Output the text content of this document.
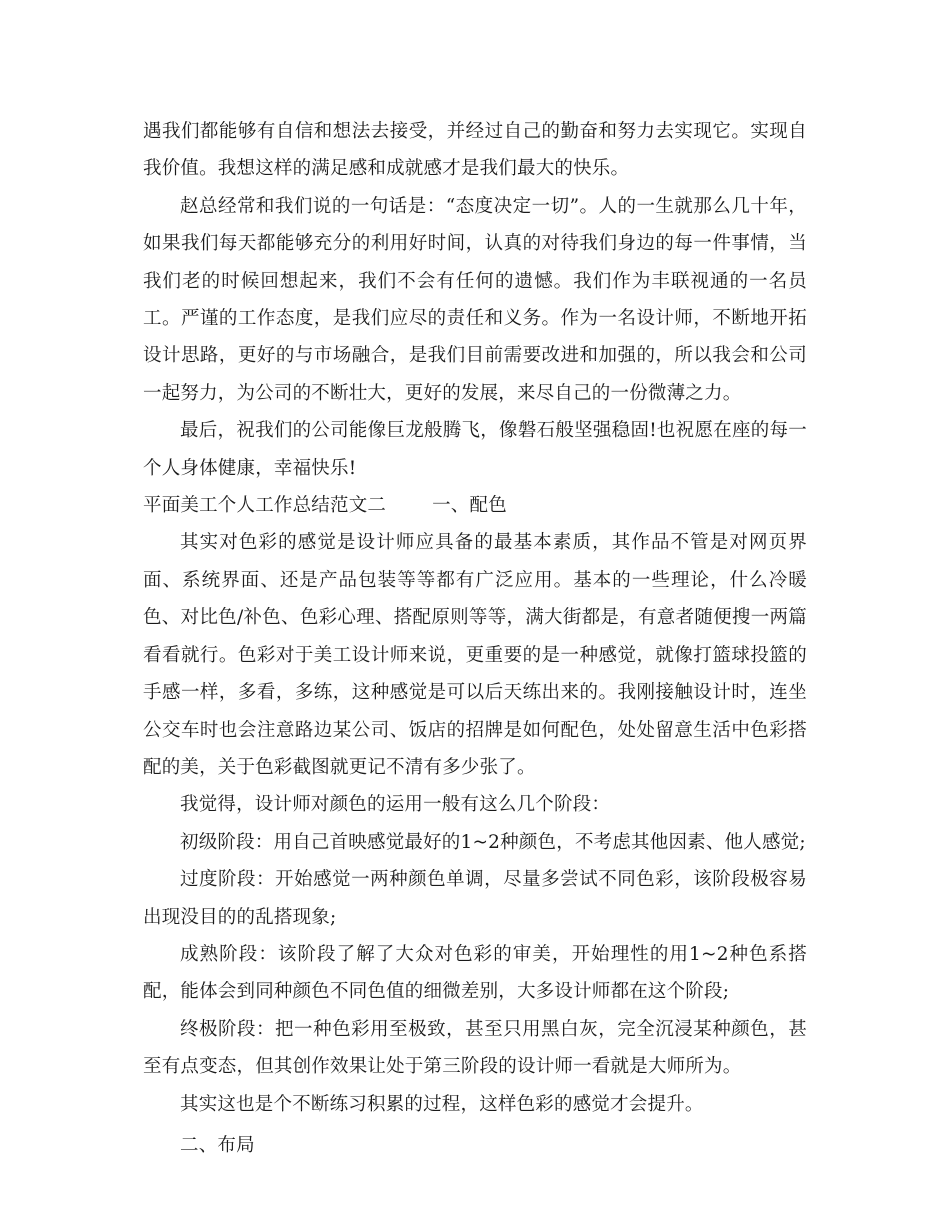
遇我们都能够有自信和想法去接受，并经过自己的勤奋和努力去实现它。实现自我价值。我想这样的满足感和成就感才是我们最大的快乐。

赵总经常和我们说的一句话是：“态度决定一切”。人的一生就那么几十年，如果我们每天都能够充分的利用好时间，认真的对待我们身边的每一件事情，当我们老的时候回想起来，我们不会有任何的遗憾。我们作为丰联视通的一名员工。严谨的工作态度，是我们应尽的责任和义务。作为一名设计师，不断地开拓设计思路，更好的与市场融合，是我们目前需要改进和加强的，所以我会和公司一起努力，为公司的不断壮大，更好的发展，来尽自己的一份微薄之力。

最后，祝我们的公司能像巨龙般腾飞，像磐石般坚强稳固!也祝愿在座的每一个人身体健康，幸福快乐!

平面美工个人工作总结范文二 一、配色

其实对色彩的感觉是设计师应具备的最基本素质，其作品不管是对网页界面、系统界面、还是产品包装等等都有广泛应用。基本的一些理论，什么冷暖色、对比色/补色、色彩心理、搭配原则等等，满大街都是，有意者随便搜一两篇看看就行。色彩对于美工设计师来说，更重要的是一种感觉，就像打篮球投篮的手感一样，多看，多练，这种感觉是可以后天练出来的。我刚接触设计时，连坐公交车时也会注意路边某公司、饭店的招牌是如何配色，处处留意生活中色彩搭配的美，关于色彩截图就更记不清有多少张了。

我觉得，设计师对颜色的运用一般有这么几个阶段：

初级阶段：用自己首映感觉最好的1~2种颜色，不考虑其他因素、他人感觉;

过度阶段：开始感觉一两种颜色单调，尽量多尝试不同色彩，该阶段极容易出现没目的的乱搭现象;

成熟阶段：该阶段了解了大众对色彩的审美，开始理性的用1~2种色系搭配，能体会到同种颜色不同色值的细微差别，大多设计师都在这个阶段;

终极阶段：把一种色彩用至极致，甚至只用黑白灰，完全沉浸某种颜色，甚至有点变态，但其创作效果让处于第三阶段的设计师一看就是大师所为。

其实这也是个不断练习积累的过程，这样色彩的感觉才会提升。

二、布局
